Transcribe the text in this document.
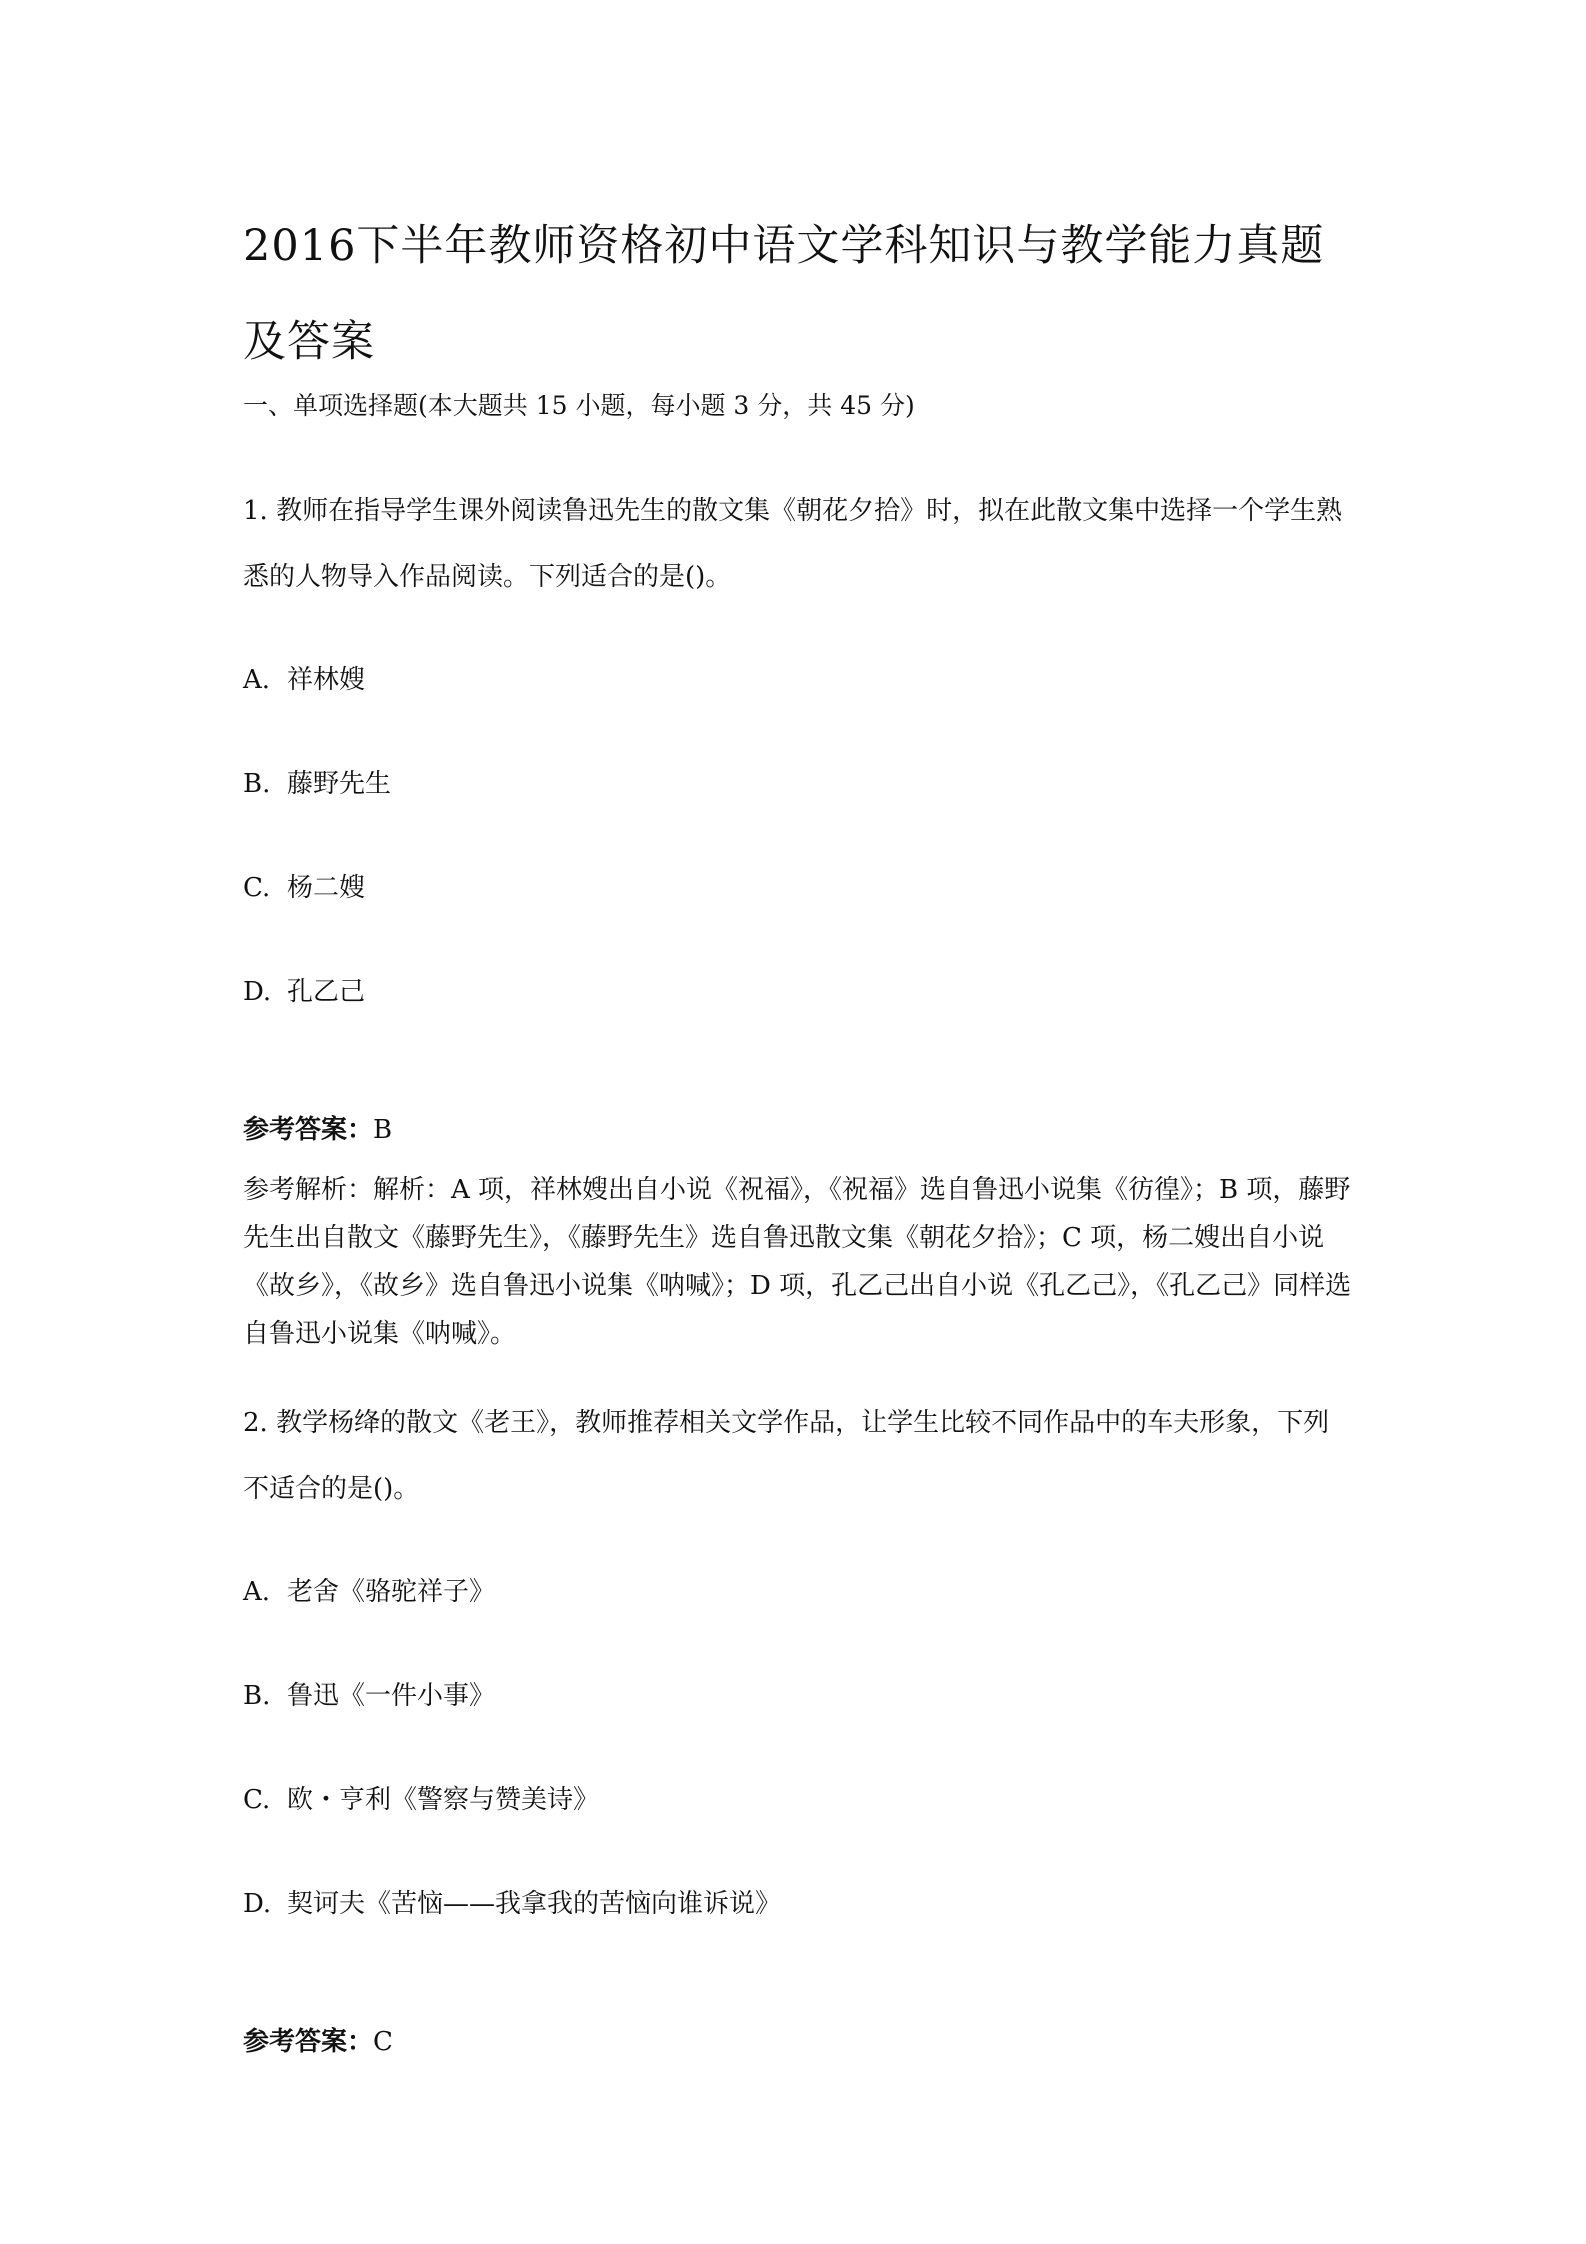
2016下半年教师资格初中语文学科知识与教学能力真题及答案
一、单项选择题(本大题共 15 小题，每小题 3 分，共 45 分)
1. 教师在指导学生课外阅读鲁迅先生的散文集《朝花夕拾》时，拟在此散文集中选择一个学生熟悉的人物导入作品阅读。下列适合的是()。
A. 祥林嫂
B. 藤野先生
C. 杨二嫂
D. 孔乙己
参考答案：B
参考解析：解析：A 项，祥林嫂出自小说《祝福》，《祝福》选自鲁迅小说集《彷徨》；B 项，藤野先生出自散文《藤野先生》，《藤野先生》选自鲁迅散文集《朝花夕拾》；C 项，杨二嫂出自小说《故乡》，《故乡》选自鲁迅小说集《呐喊》；D 项，孔乙己出自小说《孔乙己》，《孔乙己》同样选自鲁迅小说集《呐喊》。
2. 教学杨绛的散文《老王》，教师推荐相关文学作品，让学生比较不同作品中的车夫形象，下列不适合的是()。
A. 老舍《骆驼祥子》
B. 鲁迅《一件小事》
C. 欧・亨利《警察与赞美诗》
D. 契诃夫《苦恼——我拿我的苦恼向谁诉说》
参考答案：C
